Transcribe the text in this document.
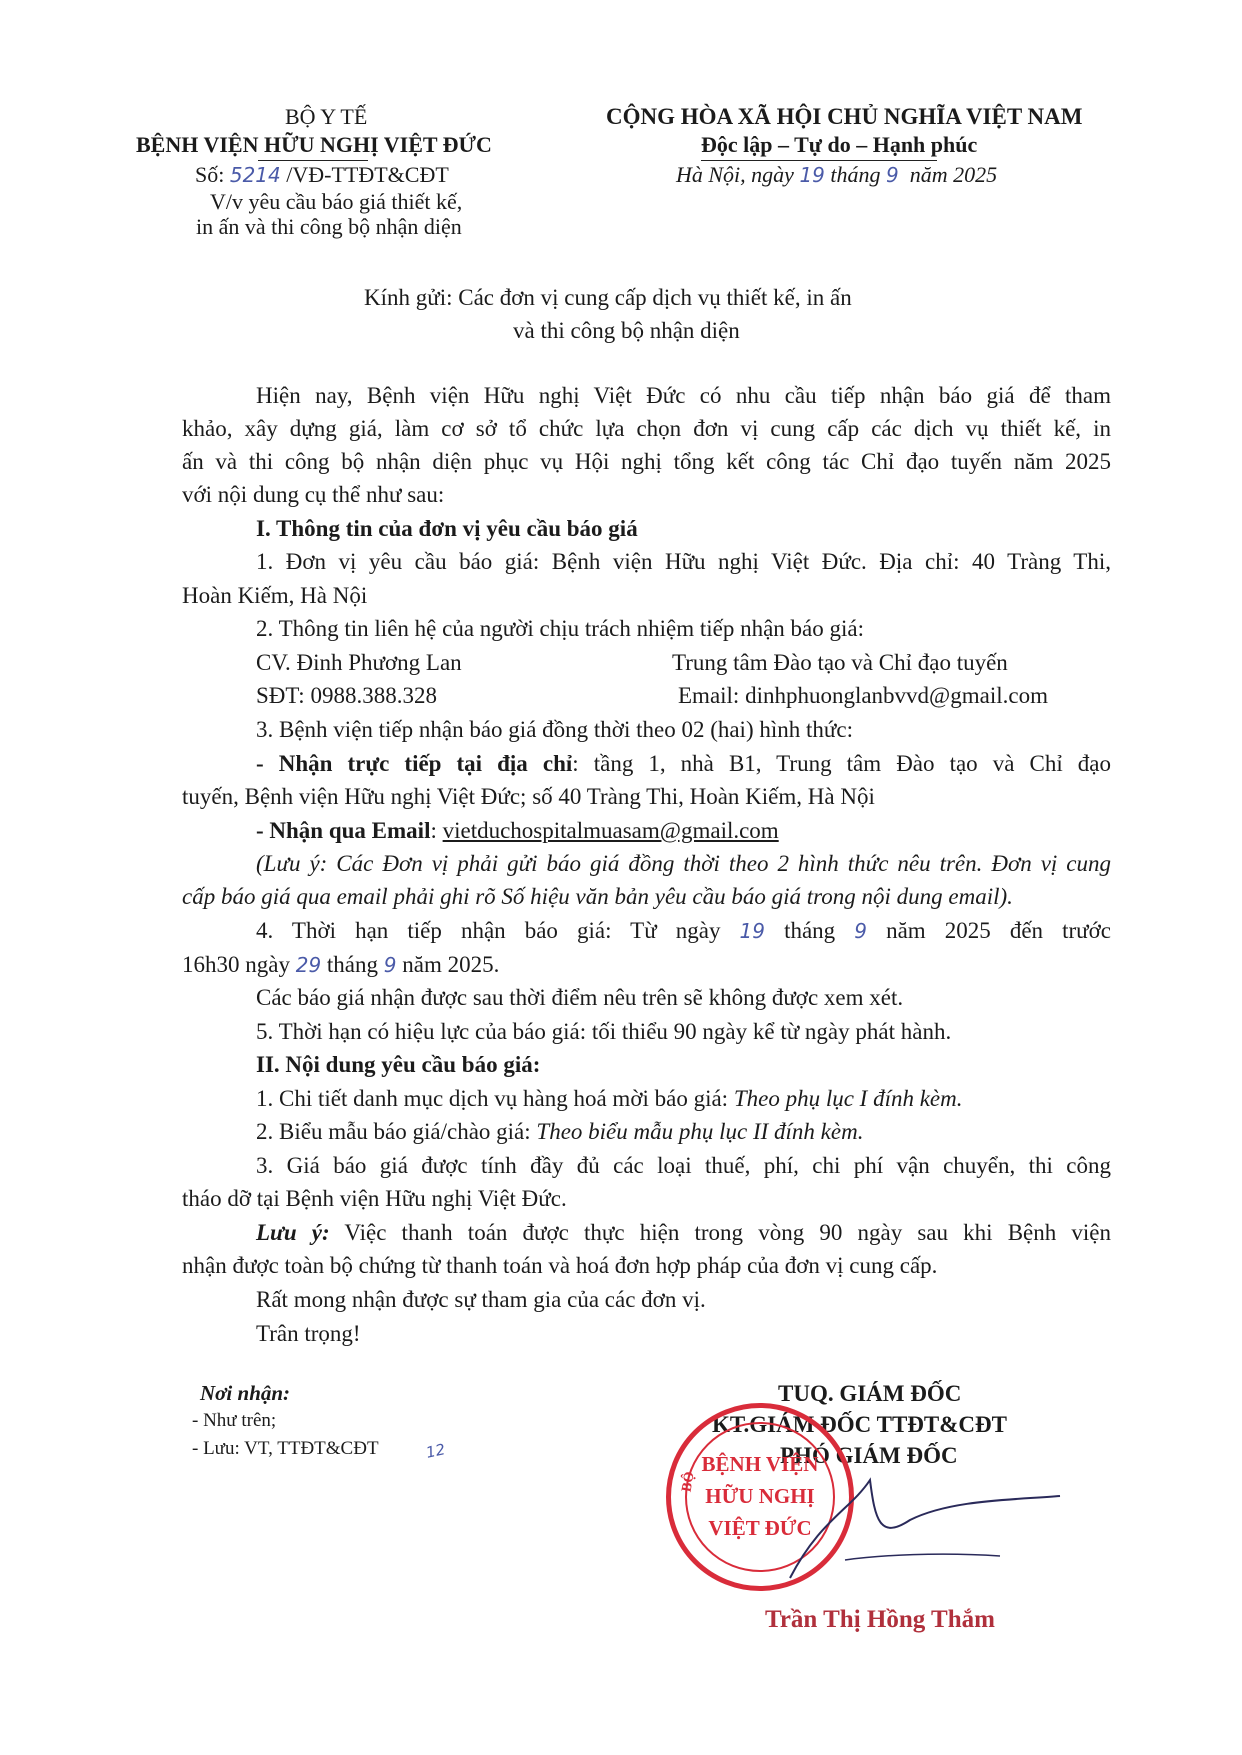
BỘ Y TẾ
BỆNH VIỆN HỮU NGHỊ VIỆT ĐỨC
Số: 5214 /VĐ-TTĐT&CĐT
V/v yêu cầu báo giá thiết kế,
in ấn và thi công bộ nhận diện
CỘNG HÒA XÃ HỘI CHỦ NGHĨA VIỆT NAM
Độc lập – Tự do – Hạnh phúc
Hà Nội, ngày 19 tháng 9 năm 2025
Kính gửi: Các đơn vị cung cấp dịch vụ thiết kế, in ấn
và thi công bộ nhận diện
Hiện nay, Bệnh viện Hữu nghị Việt Đức có nhu cầu tiếp nhận báo giá để tham
khảo, xây dựng giá, làm cơ sở tổ chức lựa chọn đơn vị cung cấp các dịch vụ thiết kế, in
ấn và thi công bộ nhận diện phục vụ Hội nghị tổng kết công tác Chỉ đạo tuyến năm 2025
với nội dung cụ thể như sau:
I. Thông tin của đơn vị yêu cầu báo giá
1. Đơn vị yêu cầu báo giá: Bệnh viện Hữu nghị Việt Đức. Địa chỉ: 40 Tràng Thi,
Hoàn Kiếm, Hà Nội
2. Thông tin liên hệ của người chịu trách nhiệm tiếp nhận báo giá:
CV. Đinh Phương Lan	Trung tâm Đào tạo và Chỉ đạo tuyến
SĐT: 0988.388.328	Email: dinhphuonglanbvvd@gmail.com
3. Bệnh viện tiếp nhận báo giá đồng thời theo 02 (hai) hình thức:
- Nhận trực tiếp tại địa chỉ: tầng 1, nhà B1, Trung tâm Đào tạo và Chỉ đạo
tuyến, Bệnh viện Hữu nghị Việt Đức; số 40 Tràng Thi, Hoàn Kiếm, Hà Nội
- Nhận qua Email: vietduchospitalmuasam@gmail.com
(Lưu ý: Các Đơn vị phải gửi báo giá đồng thời theo 2 hình thức nêu trên. Đơn vị cung
cấp báo giá qua email phải ghi rõ Số hiệu văn bản yêu cầu báo giá trong nội dung email).
4. Thời hạn tiếp nhận báo giá: Từ ngày 19 tháng 9 năm 2025 đến trước
16h30 ngày 29 tháng 9 năm 2025.
Các báo giá nhận được sau thời điểm nêu trên sẽ không được xem xét.
5. Thời hạn có hiệu lực của báo giá: tối thiểu 90 ngày kể từ ngày phát hành.
II. Nội dung yêu cầu báo giá:
1. Chi tiết danh mục dịch vụ hàng hoá mời báo giá: Theo phụ lục I đính kèm.
2. Biểu mẫu báo giá/chào giá: Theo biểu mẫu phụ lục II đính kèm.
3. Giá báo giá được tính đầy đủ các loại thuế, phí, chi phí vận chuyển, thi công
tháo dỡ tại Bệnh viện Hữu nghị Việt Đức.
Lưu ý: Việc thanh toán được thực hiện trong vòng 90 ngày sau khi Bệnh viện
nhận được toàn bộ chứng từ thanh toán và hoá đơn hợp pháp của đơn vị cung cấp.
Rất mong nhận được sự tham gia của các đơn vị.
Trân trọng!
Nơi nhận:
- Như trên;
- Lưu: VT, TTĐT&CĐT	12
TUQ. GIÁM ĐỐC
KT.GIÁM ĐỐC TTĐT&CĐT
PHÓ GIÁM ĐỐC
BỆNH VIỆN
HỮU NGHỊ
VIỆT ĐỨC
BỘ
Trần Thị Hồng Thắm
